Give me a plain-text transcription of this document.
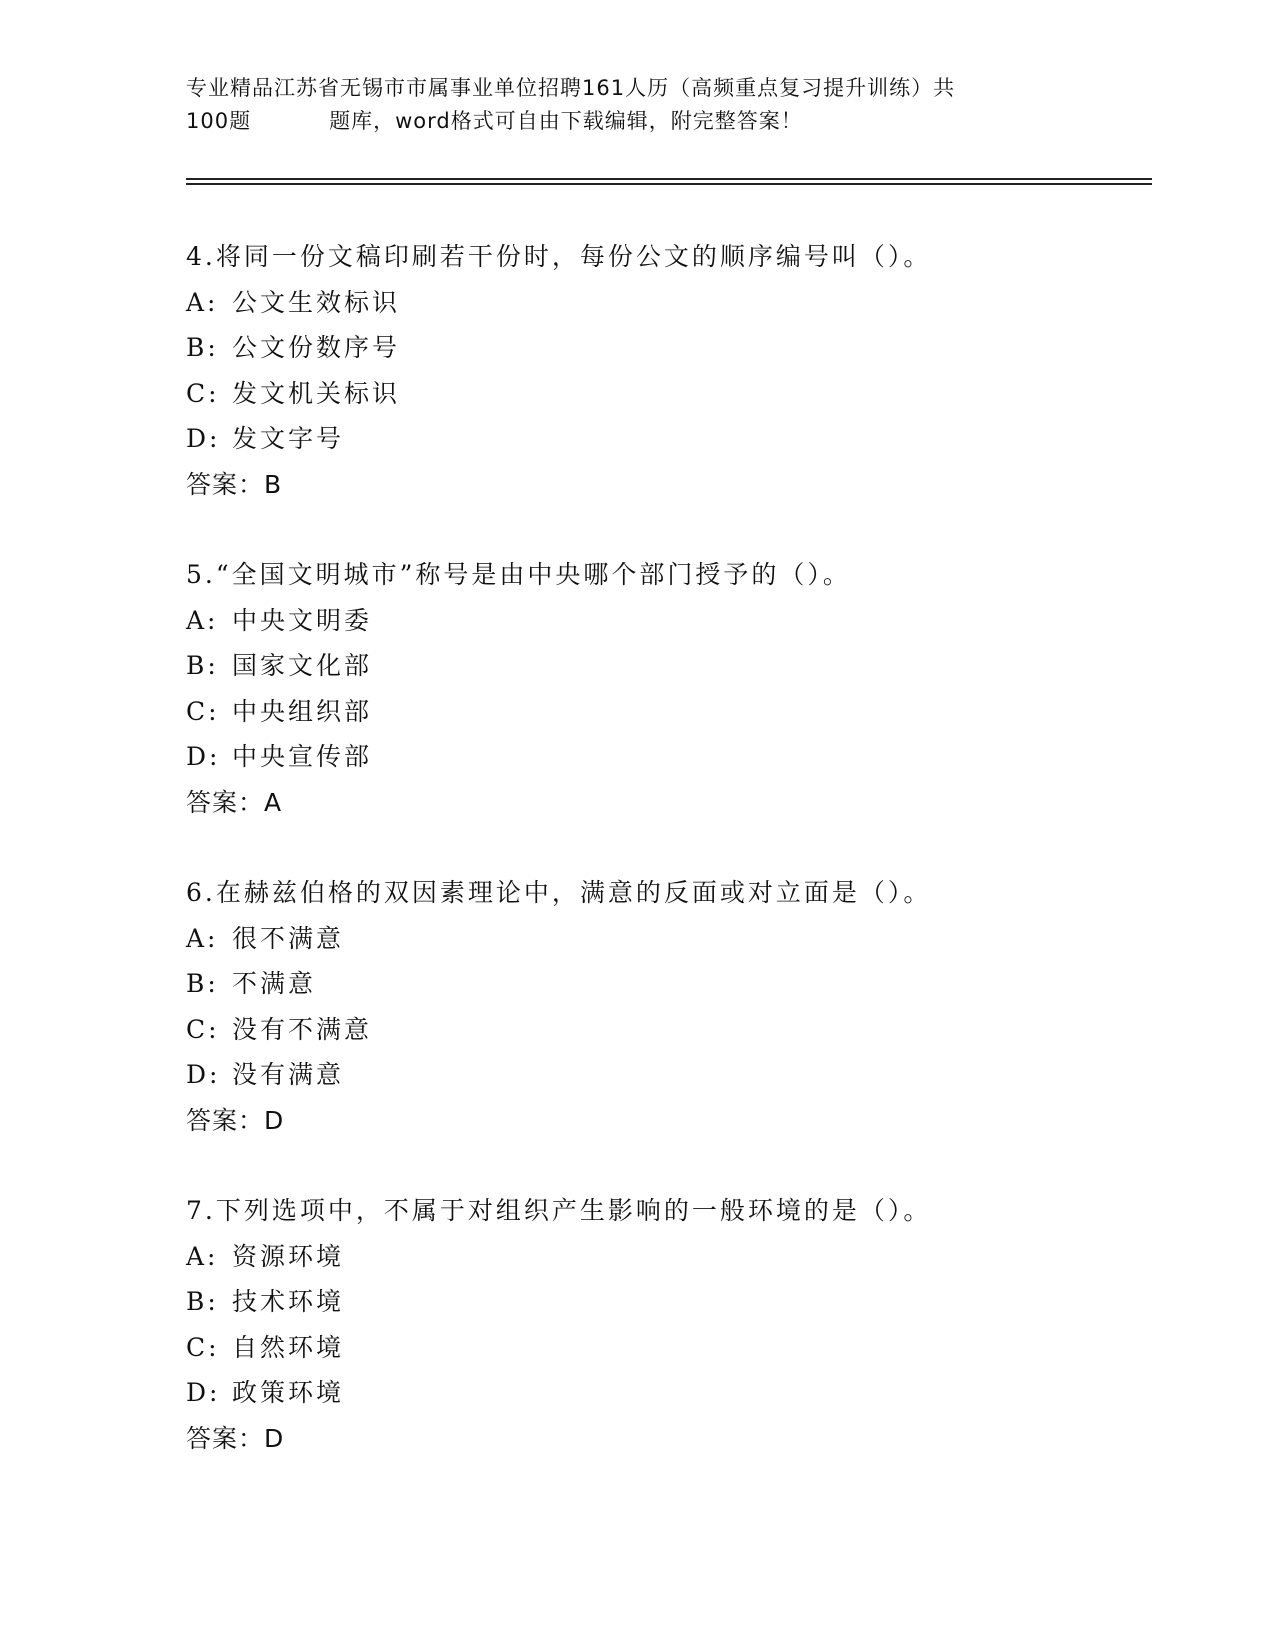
专业精品江苏省无锡市市属事业单位招聘161人历（高频重点复习提升训练）共
100题	题库，word格式可自由下载编辑，附完整答案！
4.将同一份文稿印刷若干份时，每份公文的顺序编号叫（）。
A: 公文生效标识
B: 公文份数序号
C: 发文机关标识
D: 发文字号
答案：B
5.“全国文明城市”称号是由中央哪个部门授予的（）。
A: 中央文明委
B: 国家文化部
C: 中央组织部
D: 中央宣传部
答案：A
6.在赫兹伯格的双因素理论中，满意的反面或对立面是（）。
A: 很不满意
B: 不满意
C: 没有不满意
D: 没有满意
答案：D
7.下列选项中，不属于对组织产生影响的一般环境的是（）。
A: 资源环境
B: 技术环境
C: 自然环境
D: 政策环境
答案：D
